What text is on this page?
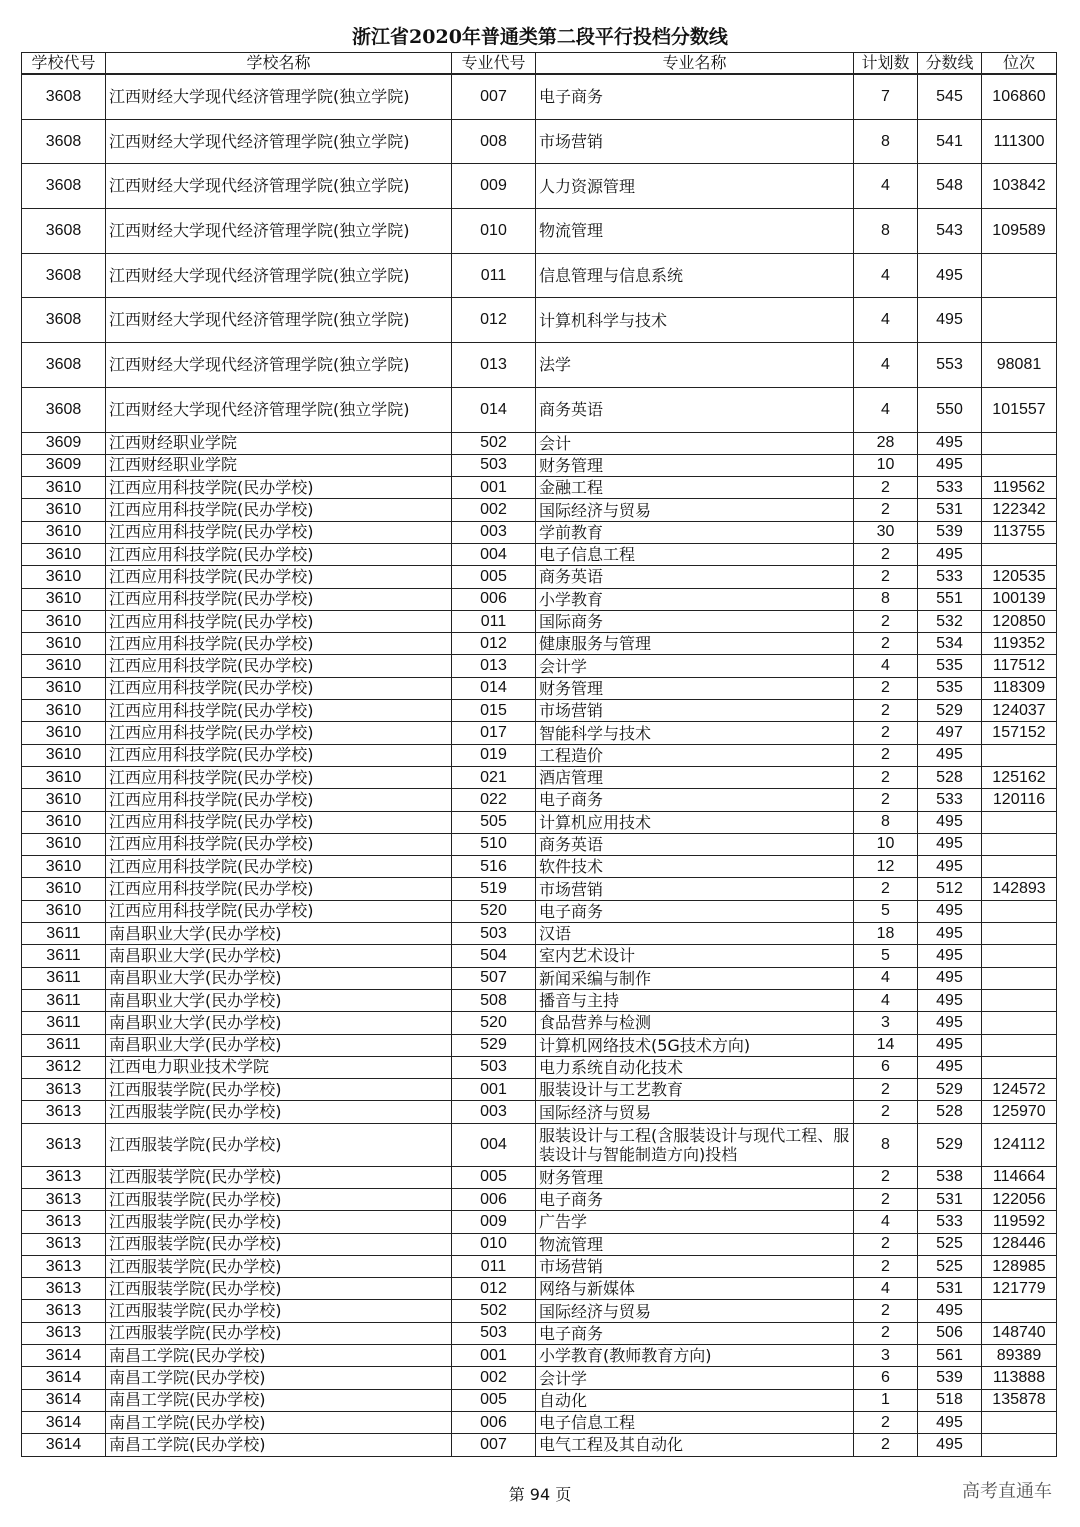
浙江省2020年普通类第二段平行投档分数线
学校代号	学校名称	专业代号	专业名称	计划数	分数线	位次
3608	江西财经大学现代经济管理学院(独立学院)	007	电子商务	7	545	106860
3608	江西财经大学现代经济管理学院(独立学院)	008	市场营销	8	541	111300
3608	江西财经大学现代经济管理学院(独立学院)	009	人力资源管理	4	548	103842
3608	江西财经大学现代经济管理学院(独立学院)	010	物流管理	8	543	109589
3608	江西财经大学现代经济管理学院(独立学院)	011	信息管理与信息系统	4	495	
3608	江西财经大学现代经济管理学院(独立学院)	012	计算机科学与技术	4	495	
3608	江西财经大学现代经济管理学院(独立学院)	013	法学	4	553	98081
3608	江西财经大学现代经济管理学院(独立学院)	014	商务英语	4	550	101557
3609	江西财经职业学院	502	会计	28	495	
3609	江西财经职业学院	503	财务管理	10	495	
3610	江西应用科技学院(民办学校)	001	金融工程	2	533	119562
3610	江西应用科技学院(民办学校)	002	国际经济与贸易	2	531	122342
3610	江西应用科技学院(民办学校)	003	学前教育	30	539	113755
3610	江西应用科技学院(民办学校)	004	电子信息工程	2	495	
3610	江西应用科技学院(民办学校)	005	商务英语	2	533	120535
3610	江西应用科技学院(民办学校)	006	小学教育	8	551	100139
3610	江西应用科技学院(民办学校)	011	国际商务	2	532	120850
3610	江西应用科技学院(民办学校)	012	健康服务与管理	2	534	119352
3610	江西应用科技学院(民办学校)	013	会计学	4	535	117512
3610	江西应用科技学院(民办学校)	014	财务管理	2	535	118309
3610	江西应用科技学院(民办学校)	015	市场营销	2	529	124037
3610	江西应用科技学院(民办学校)	017	智能科学与技术	2	497	157152
3610	江西应用科技学院(民办学校)	019	工程造价	2	495	
3610	江西应用科技学院(民办学校)	021	酒店管理	2	528	125162
3610	江西应用科技学院(民办学校)	022	电子商务	2	533	120116
3610	江西应用科技学院(民办学校)	505	计算机应用技术	8	495	
3610	江西应用科技学院(民办学校)	510	商务英语	10	495	
3610	江西应用科技学院(民办学校)	516	软件技术	12	495	
3610	江西应用科技学院(民办学校)	519	市场营销	2	512	142893
3610	江西应用科技学院(民办学校)	520	电子商务	5	495	
3611	南昌职业大学(民办学校)	503	汉语	18	495	
3611	南昌职业大学(民办学校)	504	室内艺术设计	5	495	
3611	南昌职业大学(民办学校)	507	新闻采编与制作	4	495	
3611	南昌职业大学(民办学校)	508	播音与主持	4	495	
3611	南昌职业大学(民办学校)	520	食品营养与检测	3	495	
3611	南昌职业大学(民办学校)	529	计算机网络技术(5G技术方向)	14	495	
3612	江西电力职业技术学院	503	电力系统自动化技术	6	495	
3613	江西服装学院(民办学校)	001	服装设计与工艺教育	2	529	124572
3613	江西服装学院(民办学校)	003	国际经济与贸易	2	528	125970
3613	江西服装学院(民办学校)	004	服装设计与工程(含服装设计与现代工程、服装设计与智能制造方向)投档	8	529	124112
3613	江西服装学院(民办学校)	005	财务管理	2	538	114664
3613	江西服装学院(民办学校)	006	电子商务	2	531	122056
3613	江西服装学院(民办学校)	009	广告学	4	533	119592
3613	江西服装学院(民办学校)	010	物流管理	2	525	128446
3613	江西服装学院(民办学校)	011	市场营销	2	525	128985
3613	江西服装学院(民办学校)	012	网络与新媒体	4	531	121779
3613	江西服装学院(民办学校)	502	国际经济与贸易	2	495	
3613	江西服装学院(民办学校)	503	电子商务	2	506	148740
3614	南昌工学院(民办学校)	001	小学教育(教师教育方向)	3	561	89389
3614	南昌工学院(民办学校)	002	会计学	6	539	113888
3614	南昌工学院(民办学校)	005	自动化	1	518	135878
3614	南昌工学院(民办学校)	006	电子信息工程	2	495	
3614	南昌工学院(民办学校)	007	电气工程及其自动化	2	495	
第 94 页	高考直通车
